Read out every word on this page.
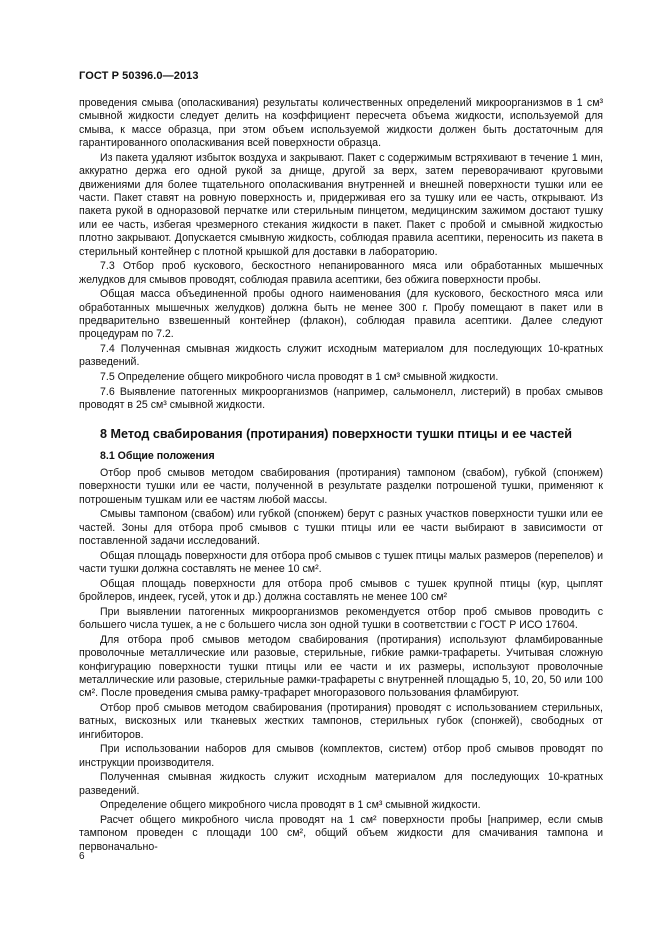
ГОСТ Р 50396.0—2013

проведения смыва (ополаскивания) результаты количественных определений микроорганизмов в 1 см³ смывной жидкости следует делить на коэффициент пересчета объема жидкости, используемой для смыва, к массе образца, при этом объем используемой жидкости должен быть достаточным для гарантированного ополаскивания всей поверхности образца.

Из пакета удаляют избыток воздуха и закрывают. Пакет с содержимым встряхивают в течение 1 мин, аккуратно держа его одной рукой за днище, другой за верх, затем переворачивают круговыми движениями для более тщательного ополаскивания внутренней и внешней поверхности тушки или ее части. Пакет ставят на ровную поверхность и, придерживая его за тушку или ее часть, открывают. Из пакета рукой в одноразовой перчатке или стерильным пинцетом, медицинским зажимом достают тушку или ее часть, избегая чрезмерного стекания жидкости в пакет. Пакет с пробой и смывной жидкостью плотно закрывают. Допускается смывную жидкость, соблюдая правила асептики, переносить из пакета в стерильный контейнер с плотной крышкой для доставки в лабораторию.

7.3 Отбор проб кускового, бескостного непанированного мяса или обработанных мышечных желудков для смывов проводят, соблюдая правила асептики, без обжига поверхности пробы.

Общая масса объединенной пробы одного наименования (для кускового, бескостного мяса или обработанных мышечных желудков) должна быть не менее 300 г. Пробу помещают в пакет или в предварительно взвешенный контейнер (флакон), соблюдая правила асептики. Далее следуют процедурам по 7.2.

7.4 Полученная смывная жидкость служит исходным материалом для последующих 10-кратных разведений.

7.5 Определение общего микробного числа проводят в 1 см³ смывной жидкости.

7.6 Выявление патогенных микроорганизмов (например, сальмонелл, листерий) в пробах смывов проводят в 25 см³ смывной жидкости.

8 Метод свабирования (протирания) поверхности тушки птицы и ее частей
8.1 Общие положения

Отбор проб смывов методом свабирования (протирания) тампоном (свабом), губкой (спонжем) поверхности тушки или ее части, полученной в результате разделки потрошеной тушки, применяют к потрошеным тушкам или ее частям любой массы.

Смывы тампоном (свабом) или губкой (спонжем) берут с разных участков поверхности тушки или ее частей. Зоны для отбора проб смывов с тушки птицы или ее части выбирают в зависимости от поставленной задачи исследований.

Общая площадь поверхности для отбора проб смывов с тушек птицы малых размеров (перепелов) и части тушки должна составлять не менее 10 см².

Общая площадь поверхности для отбора проб смывов с тушек крупной птицы (кур, цыплят бройлеров, индеек, гусей, уток и др.) должна составлять не менее 100 см²

При выявлении патогенных микроорганизмов рекомендуется отбор проб смывов проводить с большего числа тушек, а не с большего числа зон одной тушки в соответствии с ГОСТ Р ИСО 17604.

Для отбора проб смывов методом свабирования (протирания) используют фламбированные проволочные металлические или разовые, стерильные, гибкие рамки-трафареты. Учитывая сложную конфигурацию поверхности тушки птицы или ее части и их размеры, используют проволочные металлические или разовые, стерильные рамки-трафареты с внутренней площадью 5, 10, 20, 50 или 100 см². После проведения смыва рамку-трафарет многоразового пользования фламбируют.

Отбор проб смывов методом свабирования (протирания) проводят с использованием стерильных, ватных, вискозных или тканевых жестких тампонов, стерильных губок (спонжей), свободных от ингибиторов.

При использовании наборов для смывов (комплектов, систем) отбор проб смывов проводят по инструкции производителя.

Полученная смывная жидкость служит исходным материалом для последующих 10-кратных разведений.

Определение общего микробного числа проводят в 1 см³ смывной жидкости.

Расчет общего микробного числа проводят на 1 см² поверхности пробы [например, если смыв тампоном проведен с площади 100 см², общий объем жидкости для смачивания тампона и первоначально-

6
